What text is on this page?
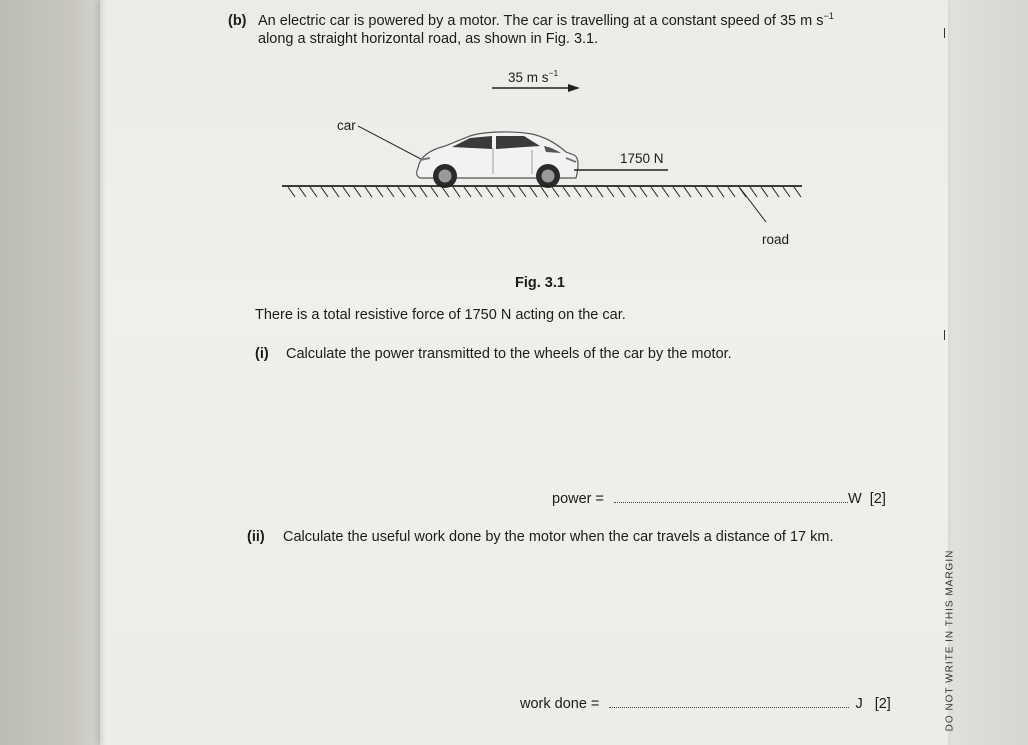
(b) An electric car is powered by a motor. The car is travelling at a constant speed of 35 m $s^{-1}$
along a straight horizontal road, as shown in Fig. 3.1.
35 m $s^{-1}$
car
1750 N
road
Fig. 3.1
There is a total resistive force of 1750 N acting on the car.
(i) Calculate the power transmitted to the wheels of the car by the motor.
power =	W [2]
(ii) Calculate the useful work done by the motor when the car travels a distance of 17 km.
work done =	J [2]	DO NOT WRITE IN THIS MARGIN
